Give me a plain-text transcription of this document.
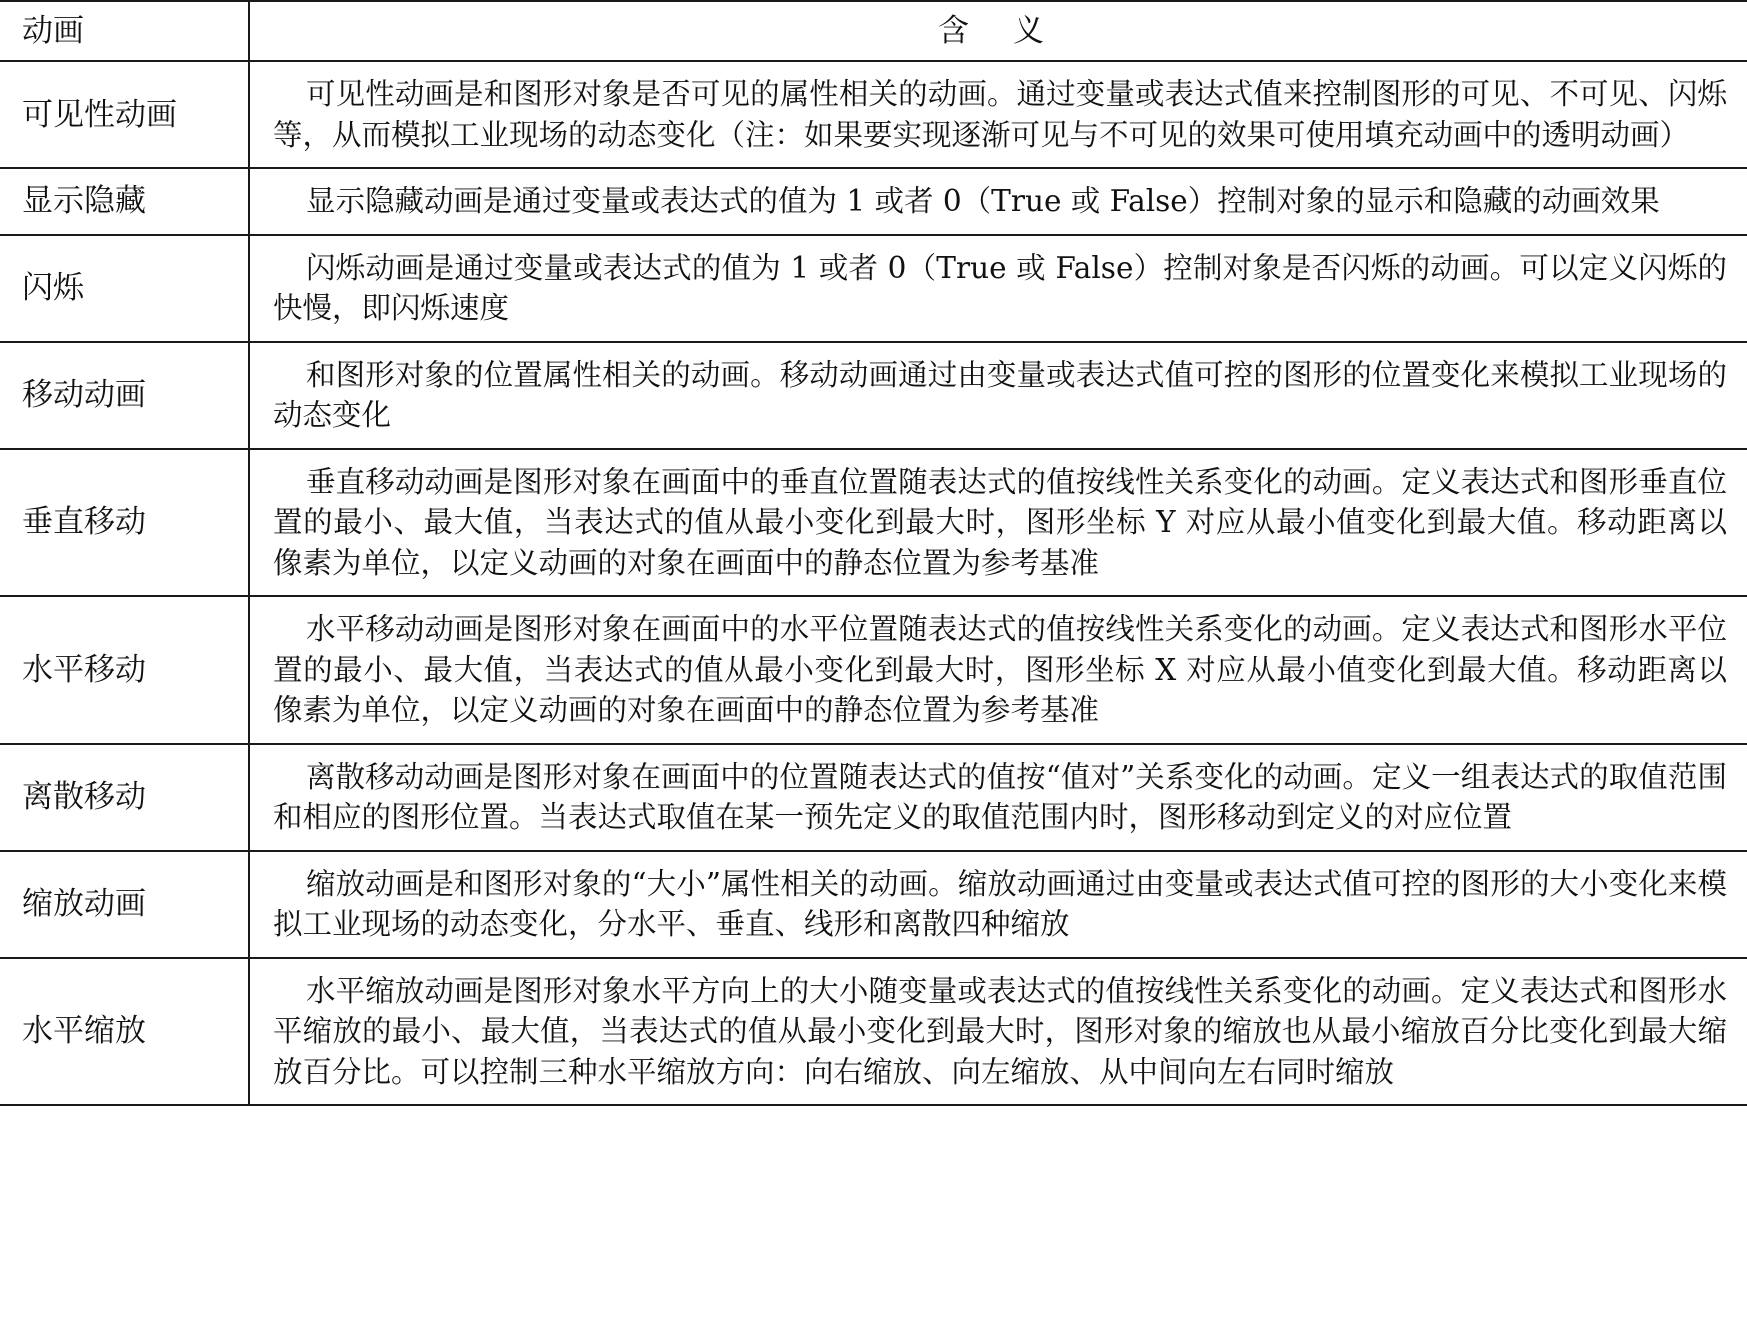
动画	含义
可见性动画	可见性动画是和图形对象是否可见的属性相关的动画。通过变量或表达式值来控制图形的可见、不可见、闪烁等，从而模拟工业现场的动态变化（注：如果要实现逐渐可见与不可见的效果可使用填充动画中的透明动画）
显示隐藏	显示隐藏动画是通过变量或表达式的值为 1 或者 0（True 或 False）控制对象的显示和隐藏的动画效果
闪烁	闪烁动画是通过变量或表达式的值为 1 或者 0（True 或 False）控制对象是否闪烁的动画。可以定义闪烁的快慢，即闪烁速度
移动动画	和图形对象的位置属性相关的动画。移动动画通过由变量或表达式值可控的图形的位置变化来模拟工业现场的动态变化
垂直移动	垂直移动动画是图形对象在画面中的垂直位置随表达式的值按线性关系变化的动画。定义表达式和图形垂直位置的最小、最大值，当表达式的值从最小变化到最大时，图形坐标 Y 对应从最小值变化到最大值。移动距离以像素为单位，以定义动画的对象在画面中的静态位置为参考基准
水平移动	水平移动动画是图形对象在画面中的水平位置随表达式的值按线性关系变化的动画。定义表达式和图形水平位置的最小、最大值，当表达式的值从最小变化到最大时，图形坐标 X 对应从最小值变化到最大值。移动距离以像素为单位，以定义动画的对象在画面中的静态位置为参考基准
离散移动	离散移动动画是图形对象在画面中的位置随表达式的值按“值对”关系变化的动画。定义一组表达式的取值范围和相应的图形位置。当表达式取值在某一预先定义的取值范围内时，图形移动到定义的对应位置
缩放动画	缩放动画是和图形对象的“大小”属性相关的动画。缩放动画通过由变量或表达式值可控的图形的大小变化来模拟工业现场的动态变化，分水平、垂直、线形和离散四种缩放
水平缩放	水平缩放动画是图形对象水平方向上的大小随变量或表达式的值按线性关系变化的动画。定义表达式和图形水平缩放的最小、最大值，当表达式的值从最小变化到最大时，图形对象的缩放也从最小缩放百分比变化到最大缩放百分比。可以控制三种水平缩放方向：向右缩放、向左缩放、从中间向左右同时缩放
